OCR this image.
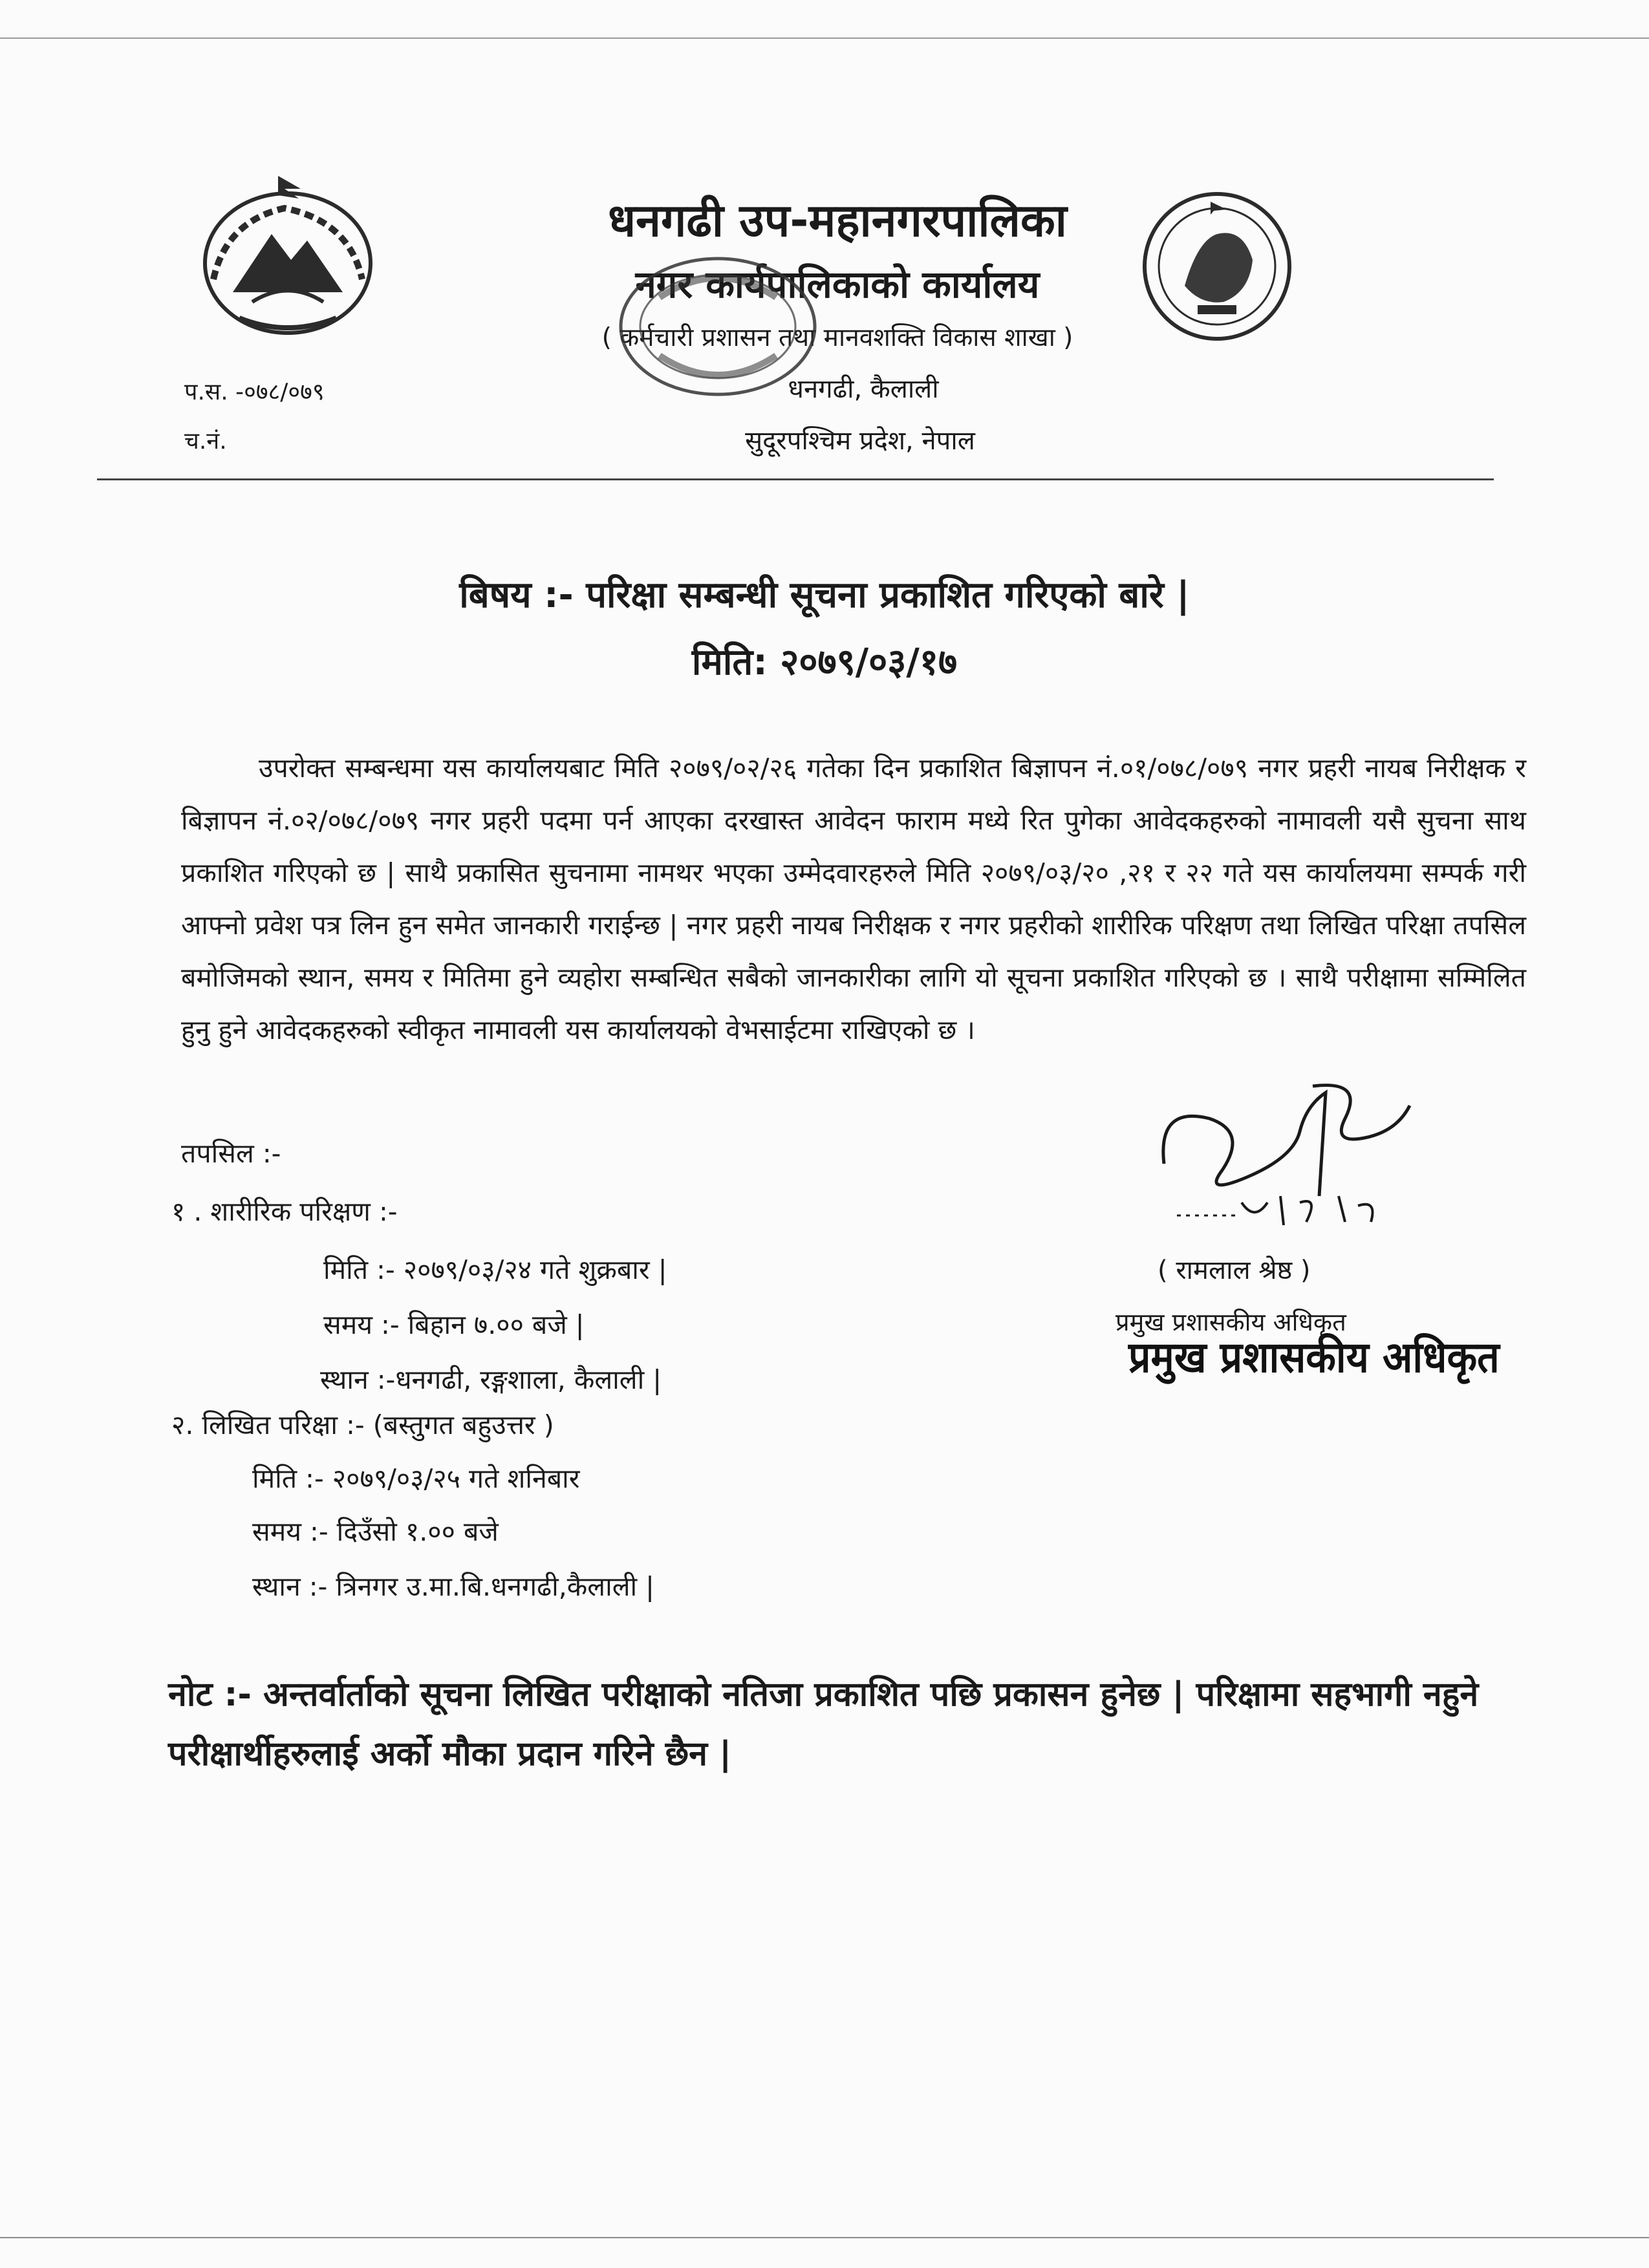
धनगढी उप-महानगरपालिका
नगर कार्यपालिकाको कार्यालय
( कर्मचारी प्रशासन तथा मानवशक्ति विकास शाखा )
धनगढी, कैलाली
सुदूरपश्चिम प्रदेश, नेपाल
प.स. -०७८/०७९
च.नं.
बिषय :- परिक्षा सम्बन्धी सूचना प्रकाशित गरिएको बारे |
मिति: २०७९/०३/१७
उपरोक्त सम्बन्धमा यस कार्यालयबाट मिति २०७९/०२/२६ गतेका दिन प्रकाशित बिज्ञापन नं.०१/०७८/०७९ नगर प्रहरी नायब निरीक्षक र बिज्ञापन नं.०२/०७८/०७९ नगर प्रहरी पदमा पर्न आएका दरखास्त आवेदन फाराम मध्ये रित पुगेका आवेदकहरुको नामावली यसै सुचना साथ प्रकाशित गरिएको छ | साथै प्रकासित सुचनामा नामथर भएका उम्मेदवारहरुले मिति २०७९/०३/२० ,२१ र २२ गते यस कार्यालयमा सम्पर्क गरी आफ्नो प्रवेश पत्र लिन हुन समेत जानकारी गराईन्छ | नगर प्रहरी नायब निरीक्षक र नगर प्रहरीको शारीरिक परिक्षण तथा लिखित परिक्षा तपसिल बमोजिमको स्थान, समय र मितिमा हुने व्यहोरा सम्बन्धित सबैको जानकारीका लागि यो सूचना प्रकाशित गरिएको छ । साथै परीक्षामा सम्मिलित हुनु हुने आवेदकहरुको स्वीकृत नामावली यस कार्यालयको वेभसाईटमा राखिएको छ ।
तपसिल :-
१ . शारीरिक परिक्षण :-
मिति :- २०७९/०३/२४ गते शुक्रबार |
समय :- बिहान ७.०० बजे |
स्थान :-धनगढी, रङ्गशाला, कैलाली |
२. लिखित परिक्षा :- (बस्तुगत बहुउत्तर )
मिति :- २०७९/०३/२५ गते शनिबार
समय :- दिउँसो १.०० बजे
स्थान :- त्रिनगर उ.मा.बि.धनगढी,कैलाली |
( रामलाल श्रेष्ठ )
प्रमुख प्रशासकीय अधिकृत
प्रमुख प्रशासकीय अधिकृत
नोट :- अन्तर्वार्ताको सूचना लिखित परीक्षाको नतिजा प्रकाशित पछि प्रकासन हुनेछ | परिक्षामा सहभागी नहुने परीक्षार्थीहरुलाई अर्को मौका प्रदान गरिने छैन |
